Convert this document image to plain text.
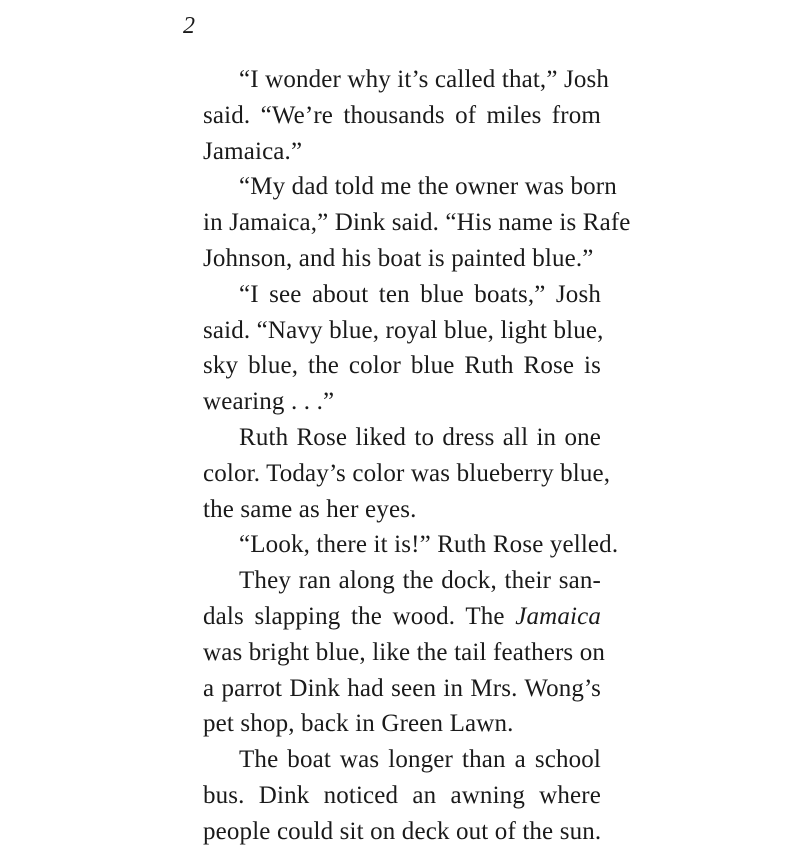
2
“I wonder why it’s called that,” Josh
said. “We’re thousands of miles from
Jamaica.”
“My dad told me the owner was born
in Jamaica,” Dink said. “His name is Rafe
Johnson, and his boat is painted blue.”
“I see about ten blue boats,” Josh
said. “Navy blue, royal blue, light blue,
sky blue, the color blue Ruth Rose is
wearing . . .”
Ruth Rose liked to dress all in one
color. Today’s color was blueberry blue,
the same as her eyes.
“Look, there it is!” Ruth Rose yelled.
They ran along the dock, their san-
dals slapping the wood. The Jamaica
was bright blue, like the tail feathers on
a parrot Dink had seen in Mrs. Wong’s
pet shop, back in Green Lawn.
The boat was longer than a school
bus. Dink noticed an awning where
people could sit on deck out of the sun.
